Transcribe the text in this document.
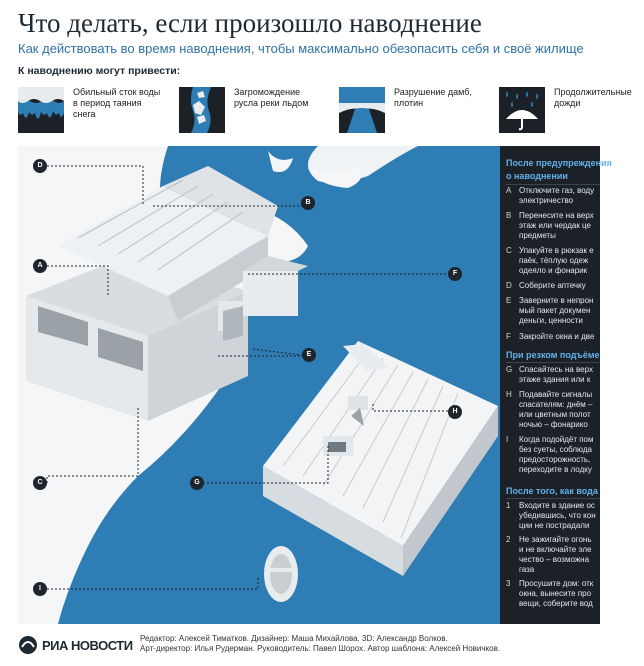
Что делать, если произошло наводнение
Как действовать во время наводнения, чтобы максимально обезопасить себя и своё жилище
К наводнению могут привести:
Обильный сток воды в период таяния снега
Загромождение русла реки льдом
Разрушение дамб, плотин
Продолжительные дожди
D
B
A
F
E
H
C	G
I
После предупреждения
о наводнении
A Отключите газ, воду
электричество
B Перенесите на верх
этаж или чердак це
предметы
C Упакуйте в рюкзак е
паёк, тёплую одеж
одеяло и фонарик
D Соберите аптечку
E Заверните в непрон
мый пакет докумен
деньги, ценности
F	Закройте окна и две
При резком подъёме
G Спасайтесь на верх
этаже здания или к
H Подавайте сигналы
спасателям: днём –
или цветным полот
ночью – фонарико
I	Когда подойдёт пом
без суеты, соблюда
предосторожность,
переходите в лодку
После того, как вода
1	Входите в здание ос
убедившись, что кон
ции не пострадали
2	Не зажигайте огонь
и не включайте эле
чество – возможна
газа
3	Просушите дом: отк
окна, вынесите про
вещи, соберите вод
РИА НОВОСТИ Редактор: Алексей Тиматков. Дизайнер: Маша Михайлова. 3D: Александр Волков.
Арт-директор: Илья Рудерман. Руководитель: Павел Шорох. Автор шаблона: Алексей Новичков.
